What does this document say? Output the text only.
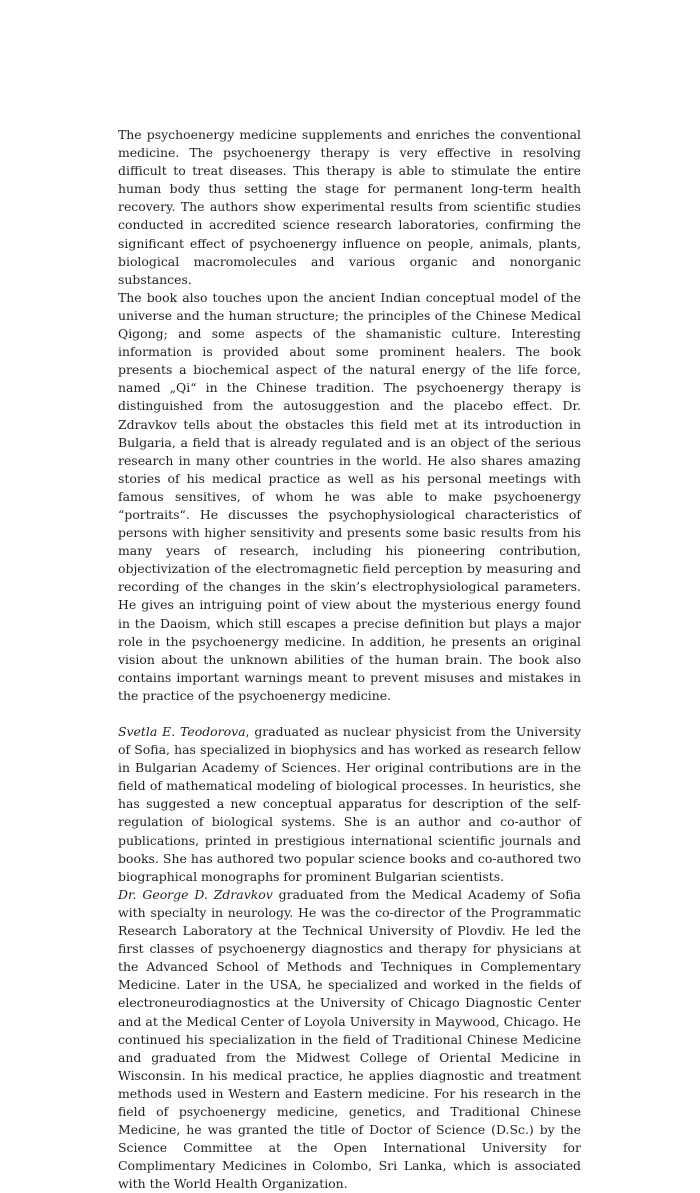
The psychoenergy medicine supplements and enriches the conventional medicine. The psychoenergy therapy is very effective in resolving difficult to treat diseases. This therapy is able to stimulate the entire human body thus setting the stage for permanent long-term health recovery. The authors show experimental results from scientific studies conducted in accredited science research laboratories, confirming the significant effect of psychoenergy influence on people, animals, plants, biological macromolecules and various organic and nonorganic substances.

The book also touches upon the ancient Indian conceptual model of the universe and the human structure; the principles of the Chinese Medical Qigong; and some aspects of the shamanistic culture. Interesting information is provided about some prominent healers. The book presents a biochemical aspect of the natural energy of the life force, named „Qi“ in the Chinese tradition. The psychoenergy therapy is distinguished from the autosuggestion and the placebo effect. Dr. Zdravkov tells about the obstacles this field met at its introduction in Bulgaria, a field that is already regulated and is an object of the serious research in many other countries in the world. He also shares amazing stories of his medical practice as well as his personal meetings with famous sensitives, of whom he was able to make psychoenergy “portraits“. He discusses the psychophysiological characteristics of persons with higher sensitivity and presents some basic results from his many years of research, including his pioneering contribution, objectivization of the electromagnetic field perception by measuring and recording of the changes in the skin’s electrophysiological parameters. He gives an intriguing point of view about the mysterious energy found in the Daoism, which still escapes a precise definition but plays a major role in the psychoenergy medicine. In addition, he presents an original vision about the unknown abilities of the human brain. The book also contains important warnings meant to prevent misuses and mistakes in the practice of the psychoenergy medicine.

Svetla E. Teodorova, graduated as nuclear physicist from the University of Sofia, has specialized in biophysics and has worked as research fellow in Bulgarian Academy of Sciences. Her original contributions are in the field of mathematical modeling of biological processes. In heuristics, she has suggested a new conceptual apparatus for description of the self-regulation of biological systems. She is an author and co-author of publications, printed in prestigious international scientific journals and books. She has authored two popular science books and co-authored two biographical monographs for prominent Bulgarian scientists.

Dr. George D. Zdravkov graduated from the Medical Academy of Sofia with specialty in neurology. He was the co-director of the Programmatic Research Laboratory at the Technical University of Plovdiv. He led the first classes of psychoenergy diagnostics and therapy for physicians at the Advanced School of Methods and Techniques in Complementary Medicine. Later in the USA, he specialized and worked in the fields of electroneurodiagnostics at the University of Chicago Diagnostic Center and at the Medical Center of Loyola University in Maywood, Chicago. He continued his specialization in the field of Traditional Chinese Medicine and graduated from the Midwest College of Oriental Medicine in Wisconsin. In his medical practice, he applies diagnostic and treatment methods used in Western and Eastern medicine. For his research in the field of psychoenergy medicine, genetics, and Traditional Chinese Medicine, he was granted the title of Doctor of Science (D.Sc.) by the Science Committee at the Open International University for Complimentary Medicines in Colombo, Sri Lanka, which is associated with the World Health Organization.
